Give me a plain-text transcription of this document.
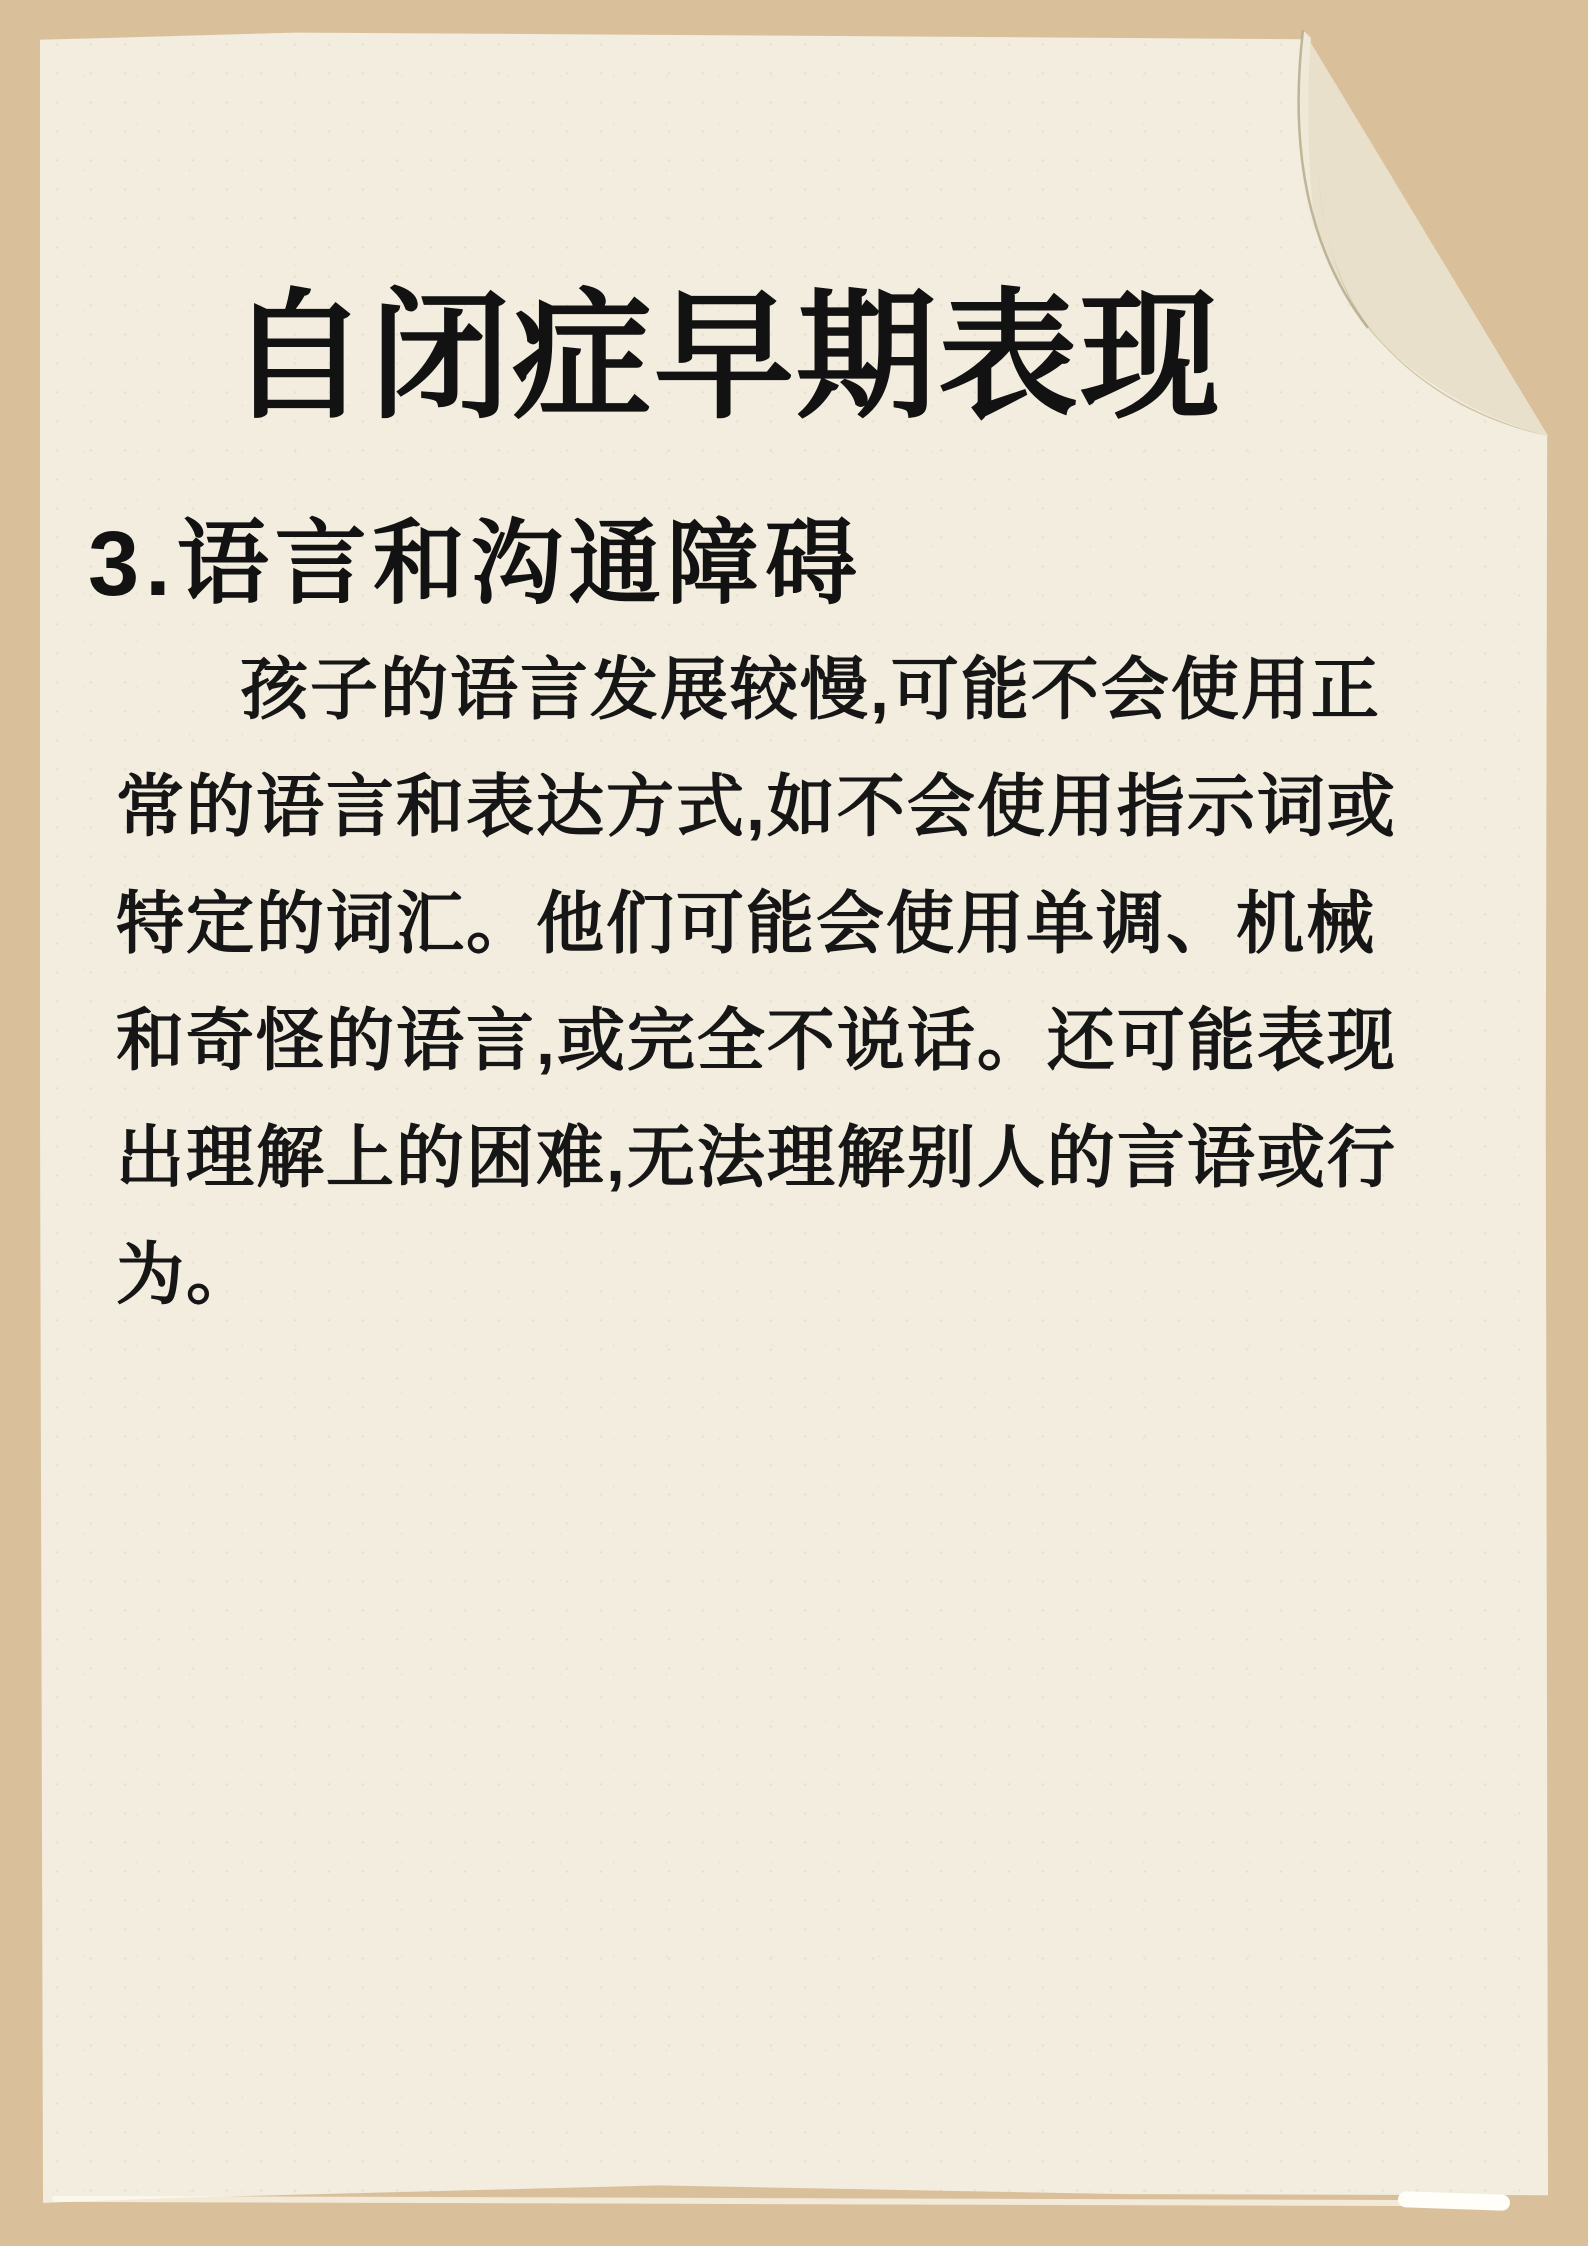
自闭症早期表现
3.语言和沟通障碍
孩子的语言发展较慢,可能不会使用正
常的语言和表达方式,如不会使用指示词或
特定的词汇。他们可能会使用单调、机械
和奇怪的语言,或完全不说话。还可能表现
出理解上的困难,无法理解别人的言语或行
为。
